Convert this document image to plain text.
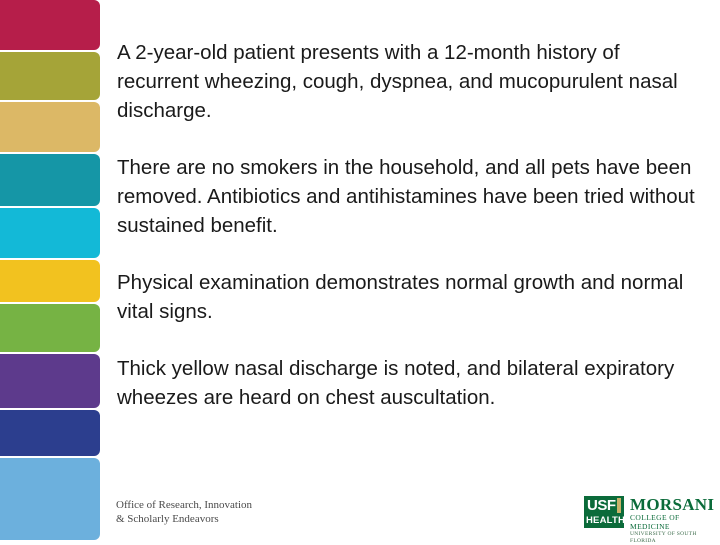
A 2-year-old patient presents with a 12-month history of recurrent wheezing, cough, dyspnea, and mucopurulent nasal discharge.

There are no smokers in the household, and all pets have been removed. Antibiotics and antihistamines have been tried without sustained benefit.

Physical examination demonstrates normal growth and normal vital signs.

Thick yellow nasal discharge is noted, and bilateral expiratory wheezes are heard on chest auscultation.

Office of Research, Innovation
& Scholarly Endeavors
USF
HEALTH
MORSANI
COLLEGE OF MEDICINE
UNIVERSITY OF SOUTH FLORIDA
